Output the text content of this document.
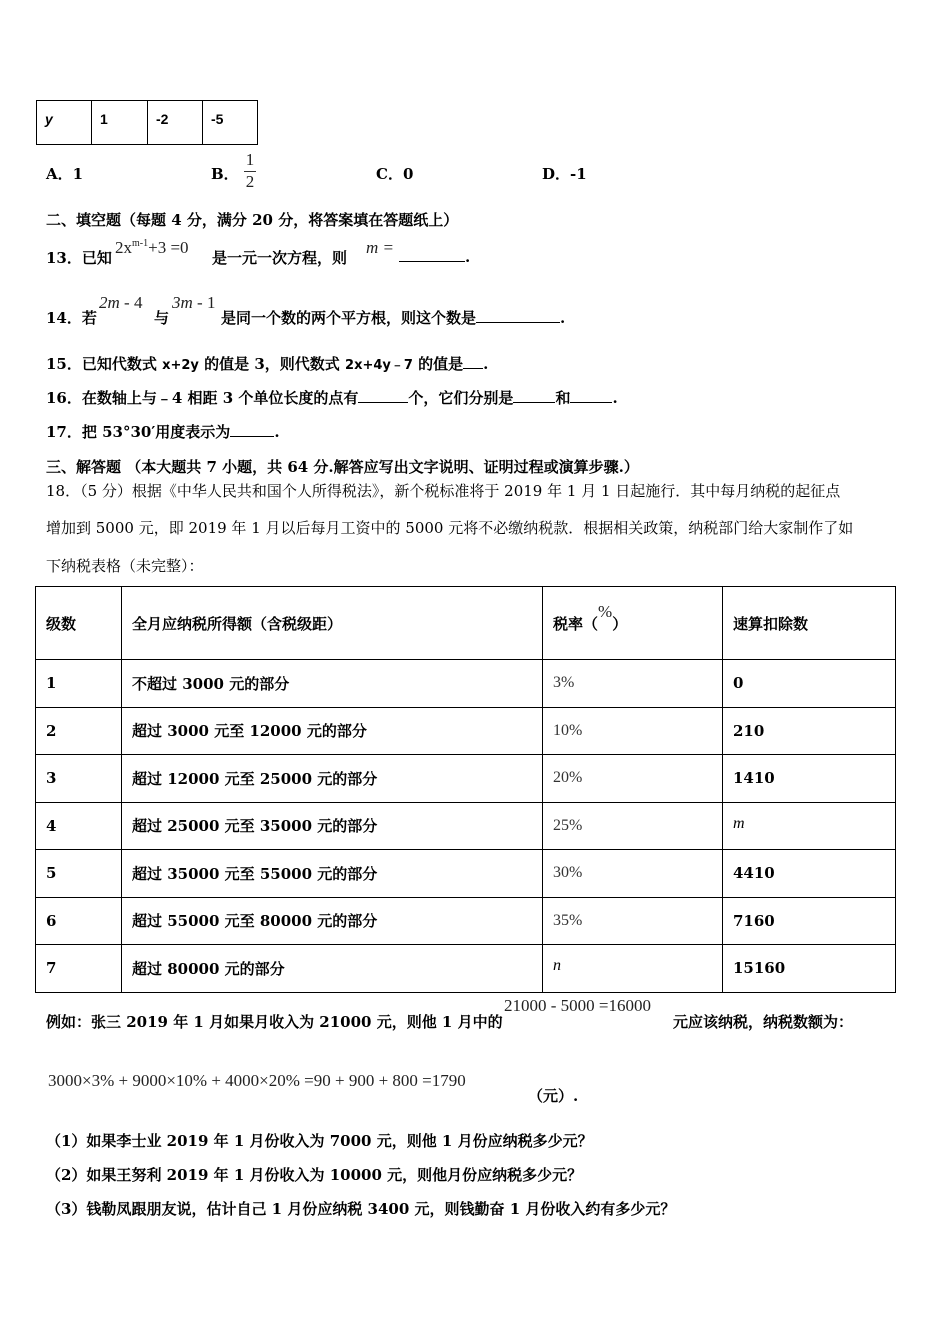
y	1	-2	-5
A．1	B． $\frac{1}{2}$	C．0	D．-1
二、填空题（每题 4 分，满分 20 分，将答案填在答题纸上）
13．已知
$2x^{m-1}+3 =0$
是一元一次方程，则
m =	.
14．若
2m - 4
与
3m - 1
是同一个数的两个平方根，则这个数是	.
15．已知代数式 x+2y 的值是 3，则代数式 2x+4y﹣7 的值是 .
16．在数轴上与﹣4 相距 3 个单位长度的点有	个，它们分别是	和	.
17．把 53°30′用度表示为	.
三、解答题 （本大题共 7 小题，共 64 分.解答应写出文字说明、证明过程或演算步骤.）
18．（5 分）根据《中华人民共和国个人所得税法》，新个税标准将于 2019 年 1 月 1 日起施行．其中每月纳税的起征点
增加到 5000 元，即 2019 年 1 月以后每月工资中的 5000 元将不必缴纳税款．根据相关政策，纳税部门给大家制作了如
下纳税表格（未完整）：
级数	全月应纳税所得额（含税级距）	税率（%）	速算扣除数
1	不超过 3000 元的部分	3%	0
2	超过 3000 元至 12000 元的部分	10%	210
3	超过 12000 元至 25000 元的部分	20%	1410
4	超过 25000 元至 35000 元的部分	25%	m
5	超过 35000 元至 55000 元的部分	30%	4410
6	超过 55000 元至 80000 元的部分	35%	7160
7	超过 80000 元的部分	n	15160
例如：张三 2019 年 1 月如果月收入为 21000 元，则他 1 月中的
21000 - 5000 =16000
元应该纳税，纳税数额为：
3000×3% + 9000×10% + 4000×20% =90 + 900 + 800 =1790
（元）.
（1）如果李士业 2019 年 1 月份收入为 7000 元，则他 1 月份应纳税多少元？
（2）如果王努利 2019 年 1 月份收入为 10000 元，则他月份应纳税多少元？
（3）钱勒凤跟朋友说，估计自己 1 月份应纳税 3400 元，则钱勤奋 1 月份收入约有多少元？
